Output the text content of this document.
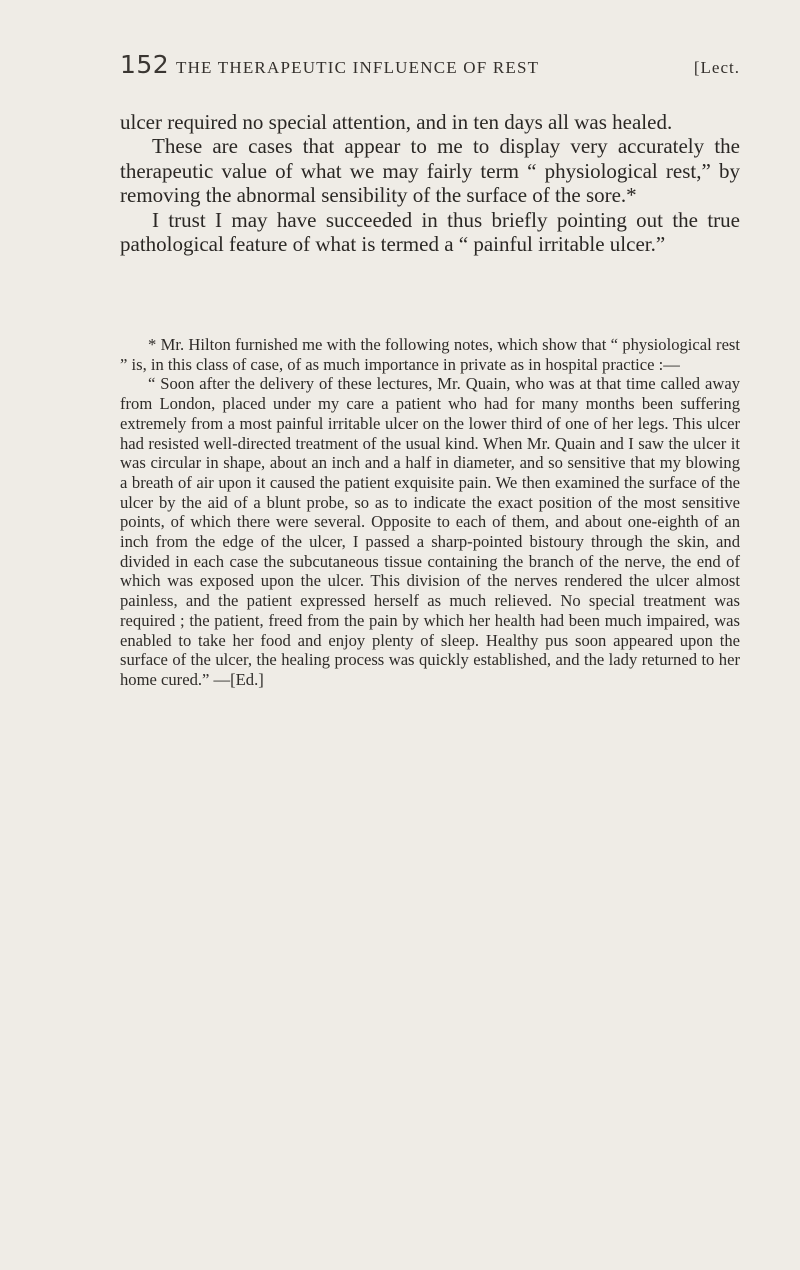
152 THE THERAPEUTIC INFLUENCE OF REST	[Lect.

ulcer required no special attention, and in ten days all was healed.

These are cases that appear to me to display very accurately the therapeutic value of what we may fairly term “ physiological rest,” by removing the abnormal sensibility of the surface of the sore.*

I trust I may have succeeded in thus briefly pointing out the true pathological feature of what is termed a “ painful irritable ulcer.”

* Mr. Hilton furnished me with the following notes, which show that “ physiological rest ” is, in this class of case, of as much importance in private as in hospital practice :—

“ Soon after the delivery of these lectures, Mr. Quain, who was at that time called away from London, placed under my care a patient who had for many months been suffering extremely from a most painful irritable ulcer on the lower third of one of her legs. This ulcer had resisted well-directed treatment of the usual kind. When Mr. Quain and I saw the ulcer it was circular in shape, about an inch and a half in diameter, and so sensitive that my blowing a breath of air upon it caused the patient exquisite pain. We then examined the surface of the ulcer by the aid of a blunt probe, so as to indicate the exact position of the most sensitive points, of which there were several. Opposite to each of them, and about one-eighth of an inch from the edge of the ulcer, I passed a sharp-pointed bistoury through the skin, and divided in each case the subcutaneous tissue containing the branch of the nerve, the end of which was exposed upon the ulcer. This division of the nerves rendered the ulcer almost painless, and the patient expressed herself as much relieved. No special treatment was required ; the patient, freed from the pain by which her health had been much impaired, was enabled to take her food and enjoy plenty of sleep. Healthy pus soon appeared upon the surface of the ulcer, the healing process was quickly established, and the lady returned to her home cured.” —[Ed.]
